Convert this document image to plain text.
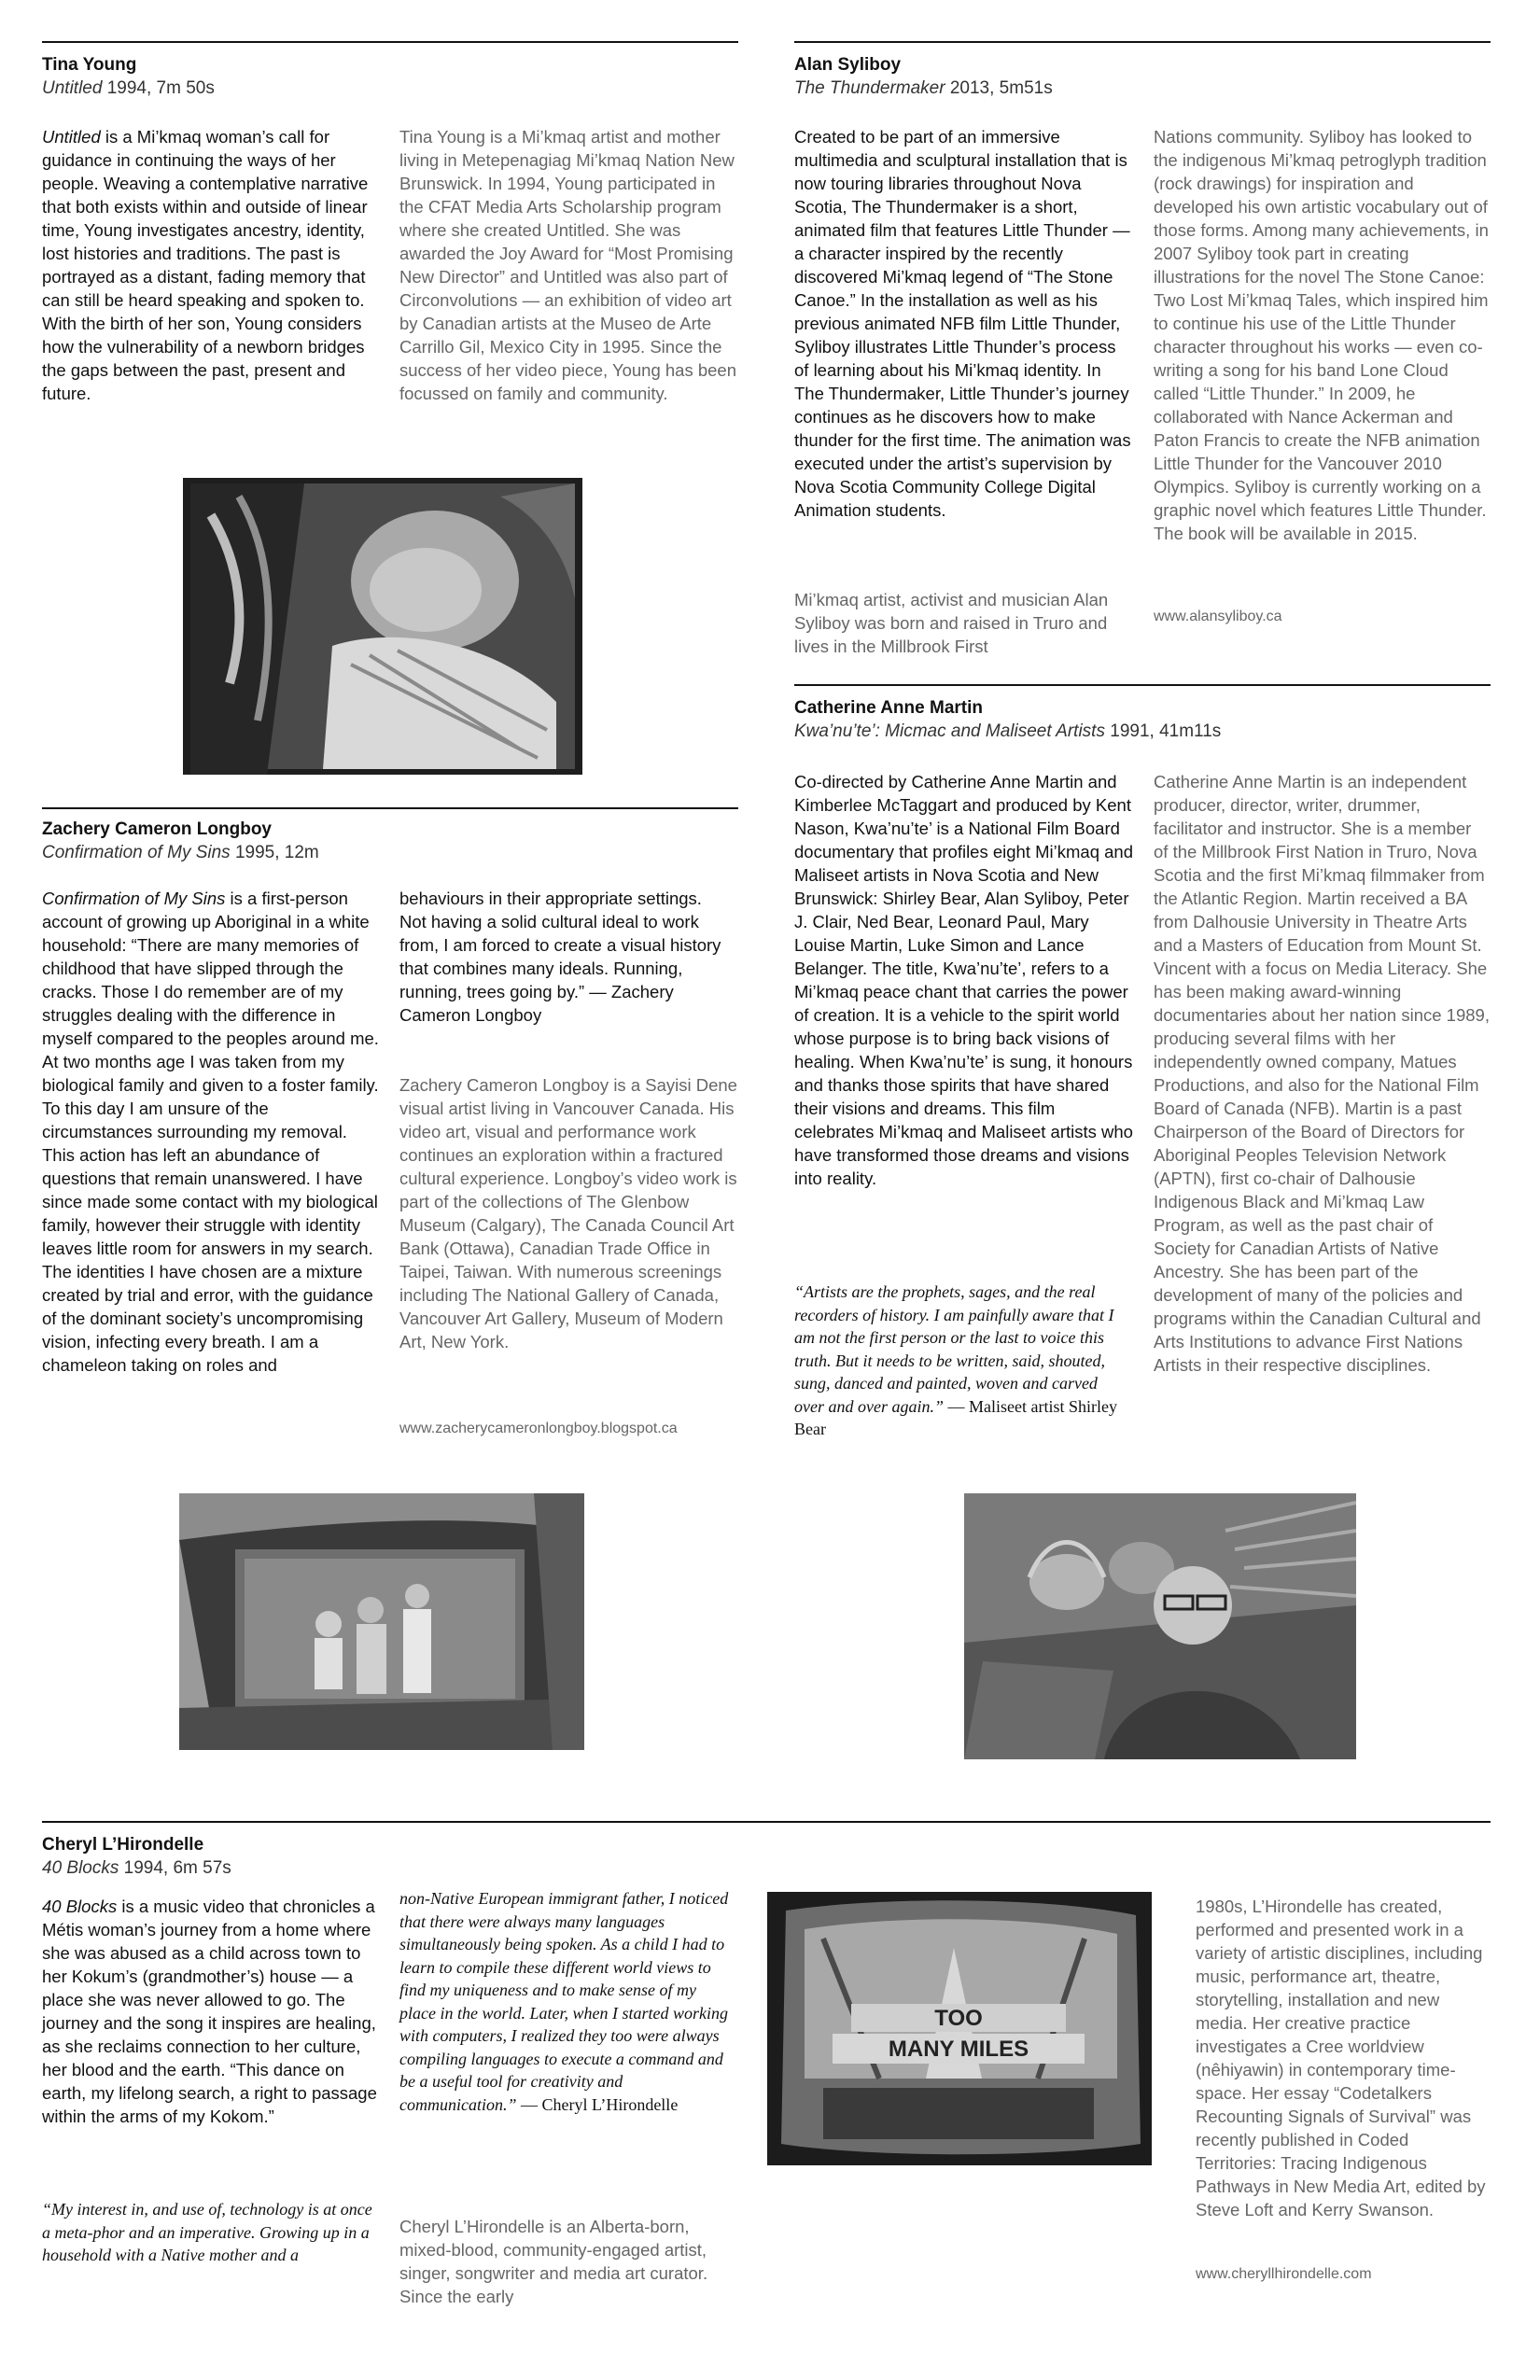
Tina Young
Untitled 1994, 7m 50s
Untitled is a Mi’kmaq woman’s call for guidance in continuing the ways of her people. Weaving a contemplative narrative that both exists within and outside of linear time, Young investigates ancestry, identity, lost histories and traditions. The past is portrayed as a distant, fading memory that can still be heard speaking and spoken to. With the birth of her son, Young considers how the vulnerability of a newborn bridges the gaps between the past, present and future.
Tina Young is a Mi’kmaq artist and mother living in Metepenagiag Mi’kmaq Nation New Brunswick. In 1994, Young participated in the CFAT Media Arts Scholarship program where she created Untitled. She was awarded the Joy Award for “Most Promising New Director” and Untitled was also part of Circonvolutions — an exhibition of video art by Canadian artists at the Museo de Arte Carrillo Gil, Mexico City in 1995. Since the success of her video piece, Young has been focussed on family and community.
Alan Syliboy
The Thundermaker 2013, 5m51s
Created to be part of an immersive multimedia and sculptural installation that is now touring libraries throughout Nova Scotia, The Thundermaker is a short, animated film that features Little Thunder — a character inspired by the recently discovered Mi’kmaq legend of “The Stone Canoe.” In the installation as well as his previous animated NFB film Little Thunder, Syliboy illustrates Little Thunder’s process of learning about his Mi’kmaq identity. In The Thundermaker, Little Thunder’s journey continues as he discovers how to make thunder for the first time. The animation was executed under the artist’s supervision by Nova Scotia Community College Digital Animation students.
Mi’kmaq artist, activist and musician Alan Syliboy was born and raised in Truro and lives in the Millbrook First
Nations community. Syliboy has looked to the indigenous Mi’kmaq petroglyph tradition (rock drawings) for inspiration and developed his own artistic vocabulary out of those forms. Among many achievements, in 2007 Syliboy took part in creating illustrations for the novel The Stone Canoe: Two Lost Mi’kmaq Tales, which inspired him to continue his use of the Little Thunder character throughout his works — even co-writing a song for his band Lone Cloud called “Little Thunder.” In 2009, he collaborated with Nance Ackerman and Paton Francis to create the NFB animation Little Thunder for the Vancouver 2010 Olympics. Syliboy is currently working on a graphic novel which features Little Thunder. The book will be available in 2015.
www.alansyliboy.ca
Catherine Anne Martin
Kwa’nu’te’: Micmac and Maliseet Artists 1991, 41m11s
Co-directed by Catherine Anne Martin and Kimberlee McTaggart and produced by Kent Nason, Kwa’nu’te’ is a National Film Board documentary that profiles eight Mi’kmaq and Maliseet artists in Nova Scotia and New Brunswick: Shirley Bear, Alan Syliboy, Peter J. Clair, Ned Bear, Leonard Paul, Mary Louise Martin, Luke Simon and Lance Belanger. The title, Kwa’nu’te’, refers to a Mi’kmaq peace chant that carries the power of creation. It is a vehicle to the spirit world whose purpose is to bring back visions of healing. When Kwa’nu’te’ is sung, it honours and thanks those spirits that have shared their visions and dreams. This film celebrates Mi’kmaq and Maliseet artists who have transformed those dreams and visions into reality.
“Artists are the prophets, sages, and the real recorders of history. I am painfully aware that I am not the first person or the last to voice this truth. But it needs to be written, said, shouted, sung, danced and painted, woven and carved over and over again.” — Maliseet artist Shirley Bear
Catherine Anne Martin is an independent producer, director, writer, drummer, facilitator and instructor. She is a member of the Millbrook First Nation in Truro, Nova Scotia and the first Mi’kmaq filmmaker from the Atlantic Region. Martin received a BA from Dalhousie University in Theatre Arts and a Masters of Education from Mount St. Vincent with a focus on Media Literacy. She has been making award-winning documentaries about her nation since 1989, producing several films with her independently owned company, Matues Productions, and also for the National Film Board of Canada (NFB). Martin is a past Chairperson of the Board of Directors for Aboriginal Peoples Television Network (APTN), first co-chair of Dalhousie Indigenous Black and Mi’kmaq Law Program, as well as the past chair of Society for Canadian Artists of Native Ancestry. She has been part of the development of many of the policies and programs within the Canadian Cultural and Arts Institutions to advance First Nations Artists in their respective disciplines.
Zachery Cameron Longboy
Confirmation of My Sins 1995, 12m
Confirmation of My Sins is a first-person account of growing up Aboriginal in a white household: “There are many memories of childhood that have slipped through the cracks. Those I do remember are of my struggles dealing with the difference in myself compared to the peoples around me. At two months age I was taken from my biological family and given to a foster family. To this day I am unsure of the circumstances surrounding my removal. This action has left an abundance of questions that remain unanswered. I have since made some contact with my biological family, however their struggle with identity leaves little room for answers in my search. The identities I have chosen are a mixture created by trial and error, with the guidance of the dominant society’s uncompromising vision, infecting every breath. I am a chameleon taking on roles and
behaviours in their appropriate settings. Not having a solid cultural ideal to work from, I am forced to create a visual history that combines many ideals. Running, running, trees going by.” — Zachery Cameron Longboy
Zachery Cameron Longboy is a Sayisi Dene visual artist living in Vancouver Canada. His video art, visual and performance work continues an exploration within a fractured cultural experience. Longboy’s video work is part of the collections of The Glenbow Museum (Calgary), The Canada Council Art Bank (Ottawa), Canadian Trade Office in Taipei, Taiwan. With numerous screenings including The National Gallery of Canada, Vancouver Art Gallery, Museum of Modern Art, New York.
www.zacherycameronlongboy.blogspot.ca
Cheryl L’Hirondelle
40 Blocks 1994, 6m 57s
40 Blocks is a music video that chronicles a Métis woman’s journey from a home where she was abused as a child across town to her Kokum’s (grandmother’s) house — a place she was never allowed to go. The journey and the song it inspires are healing, as she reclaims connection to her culture, her blood and the earth. “This dance on earth, my lifelong search, a right to passage within the arms of my Kokom.”
“My interest in, and use of, technology is at once a meta-phor and an imperative. Growing up in a household with a Native mother and a
non-Native European immigrant father, I noticed that there were always many languages simultaneously being spoken. As a child I had to learn to compile these different world views to find my uniqueness and to make sense of my place in the world. Later, when I started working with computers, I realized they too were always compiling languages to execute a command and be a useful tool for creativity and communication.” — Cheryl L’Hirondelle
Cheryl L’Hirondelle is an Alberta-born, mixed-blood, community-engaged artist, singer, songwriter and media art curator. Since the early
TOO
MANY MILES
1980s, L’Hirondelle has created, performed and presented work in a variety of artistic disciplines, including music, performance art, theatre, storytelling, installation and new media. Her creative practice investigates a Cree worldview (nêhiyawin) in contemporary time-space. Her essay “Codetalkers Recounting Signals of Survival” was recently published in Coded Territories: Tracing Indigenous Pathways in New Media Art, edited by Steve Loft and Kerry Swanson.
www.cheryllhirondelle.com
